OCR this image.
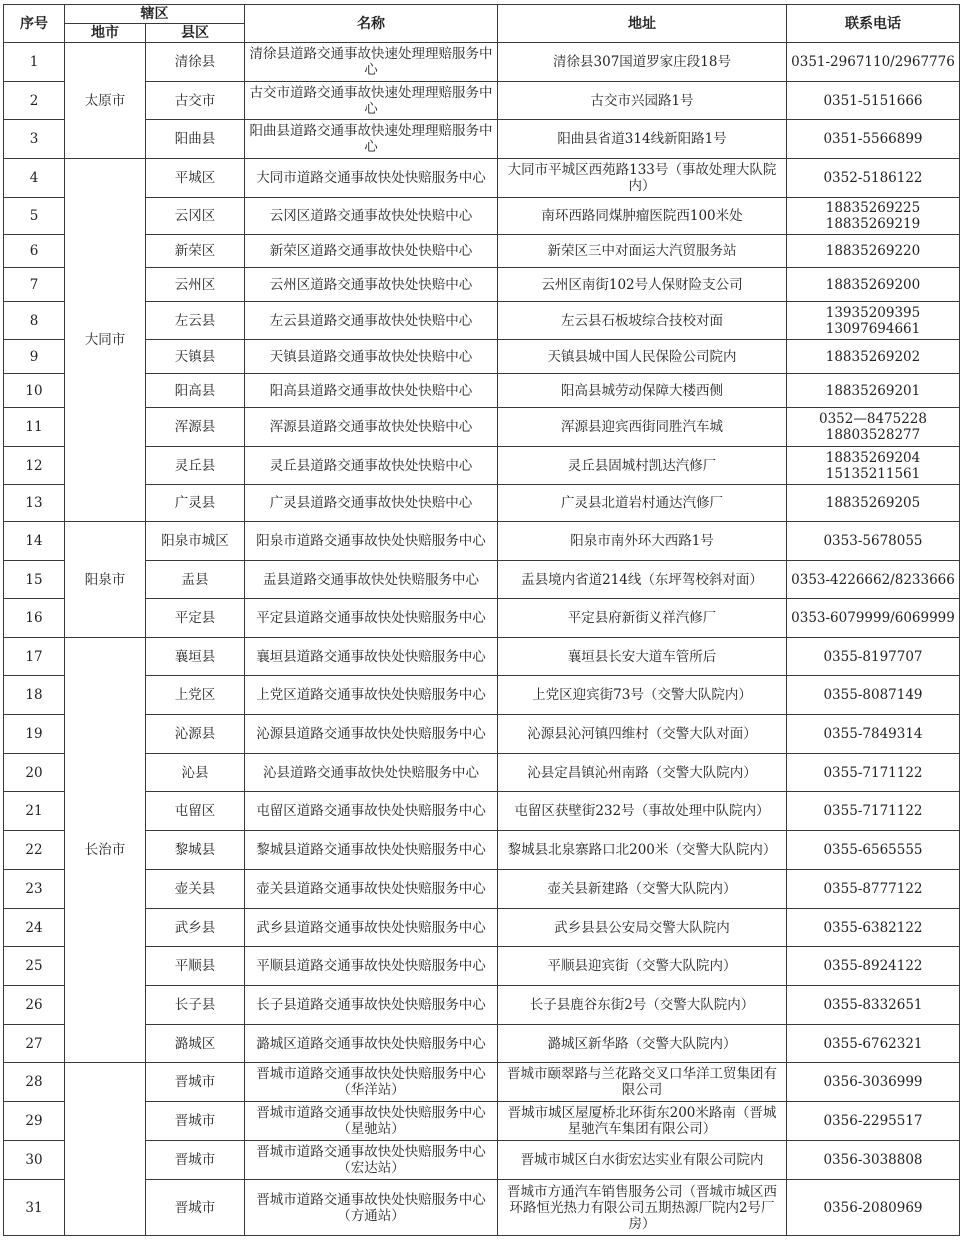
序号	辖区		名称	地址	联系电话
	地市	县区			
1	太原市	清徐县	清徐县道路交通事故快速处理理赔服务中心	清徐县307国道罗家庄段18号	0351-2967110/2967776
2		古交市	古交市道路交通事故快速处理理赔服务中心	古交市兴园路1号	0351-5151666
3		阳曲县	阳曲县道路交通事故快速处理理赔服务中心	阳曲县省道314线新阳路1号	0351-5566899
4	大同市	平城区	大同市道路交通事故快处快赔服务中心	大同市平城区西苑路133号（事故处理大队院内）	0352-5186122
5		云冈区	云冈区道路交通事故快处快赔中心	南环西路同煤肿瘤医院西100米处	18835269225 18835269219
6		新荣区	新荣区道路交通事故快处快赔中心	新荣区三中对面运大汽贸服务站	18835269220
7		云州区	云州区道路交通事故快处快赔中心	云州区南街102号人保财险支公司	18835269200
8		左云县	左云县道路交通事故快处快赔中心	左云县石板坡综合技校对面	13935209395 13097694661
9		天镇县	天镇县道路交通事故快处快赔中心	天镇县城中国人民保险公司院内	18835269202
10		阳高县	阳高县道路交通事故快处快赔中心	阳高县城劳动保障大楼西侧	18835269201
11		浑源县	浑源县道路交通事故快处快赔中心	浑源县迎宾西街同胜汽车城	0352—8475228 18803528277
12		灵丘县	灵丘县道路交通事故快处快赔中心	灵丘县固城村凯达汽修厂	18835269204 15135211561
13		广灵县	广灵县道路交通事故快处快赔中心	广灵县北道岩村通达汽修厂	18835269205
14	阳泉市	阳泉市城区	阳泉市道路交通事故快处快赔服务中心	阳泉市南外环大西路1号	0353-5678055
15		盂县	盂县道路交通事故快处快赔服务中心	盂县境内省道214线（东坪驾校斜对面）	0353-4226662/8233666
16		平定县	平定县道路交通事故快处快赔服务中心	平定县府新街义祥汽修厂	0353-6079999/6069999
17	长治市	襄垣县	襄垣县道路交通事故快处快赔服务中心	襄垣县长安大道车管所后	0355-8197707
18		上党区	上党区道路交通事故快处快赔服务中心	上党区迎宾街73号（交警大队院内）	0355-8087149
19		沁源县	沁源县道路交通事故快处快赔服务中心	沁源县沁河镇四维村（交警大队对面）	0355-7849314
20		沁县	沁县道路交通事故快处快赔服务中心	沁县定昌镇沁州南路（交警大队院内）	0355-7171122
21		屯留区	屯留区道路交通事故快处快赔服务中心	屯留区获壁街232号（事故处理中队院内）	0355-7171122
22		黎城县	黎城县道路交通事故快处快赔服务中心	黎城县北泉寨路口北200米（交警大队院内）	0355-6565555
23		壶关县	壶关县道路交通事故快处快赔服务中心	壶关县新建路（交警大队院内）	0355-8777122
24		武乡县	武乡县道路交通事故快处快赔服务中心	武乡县县公安局交警大队院内	0355-6382122
25		平顺县	平顺县道路交通事故快处快赔服务中心	平顺县迎宾街（交警大队院内）	0355-8924122
26		长子县	长子县道路交通事故快处快赔服务中心	长子县鹿谷东街2号（交警大队院内）	0355-8332651
27		潞城区	潞城区道路交通事故快处快赔服务中心	潞城区新华路（交警大队院内）	0355-6762321
28		晋城市	晋城市道路交通事故快处快赔服务中心（华洋站）	晋城市颐翠路与兰花路交叉口华洋工贸集团有限公司	0356-3036999
29		晋城市	晋城市道路交通事故快处快赔服务中心（星驰站）	晋城市城区屋厦桥北环街东200米路南（晋城星驰汽车集团有限公司）	0356-2295517
30		晋城市	晋城市道路交通事故快处快赔服务中心（宏达站）	晋城市城区白水街宏达实业有限公司院内	0356-3038808
31		晋城市	晋城市道路交通事故快处快赔服务中心（方通站）	晋城市方通汽车销售服务公司（晋城市城区西环路恒光热力有限公司五期热源厂院内2号厂房）	0356-2080969
